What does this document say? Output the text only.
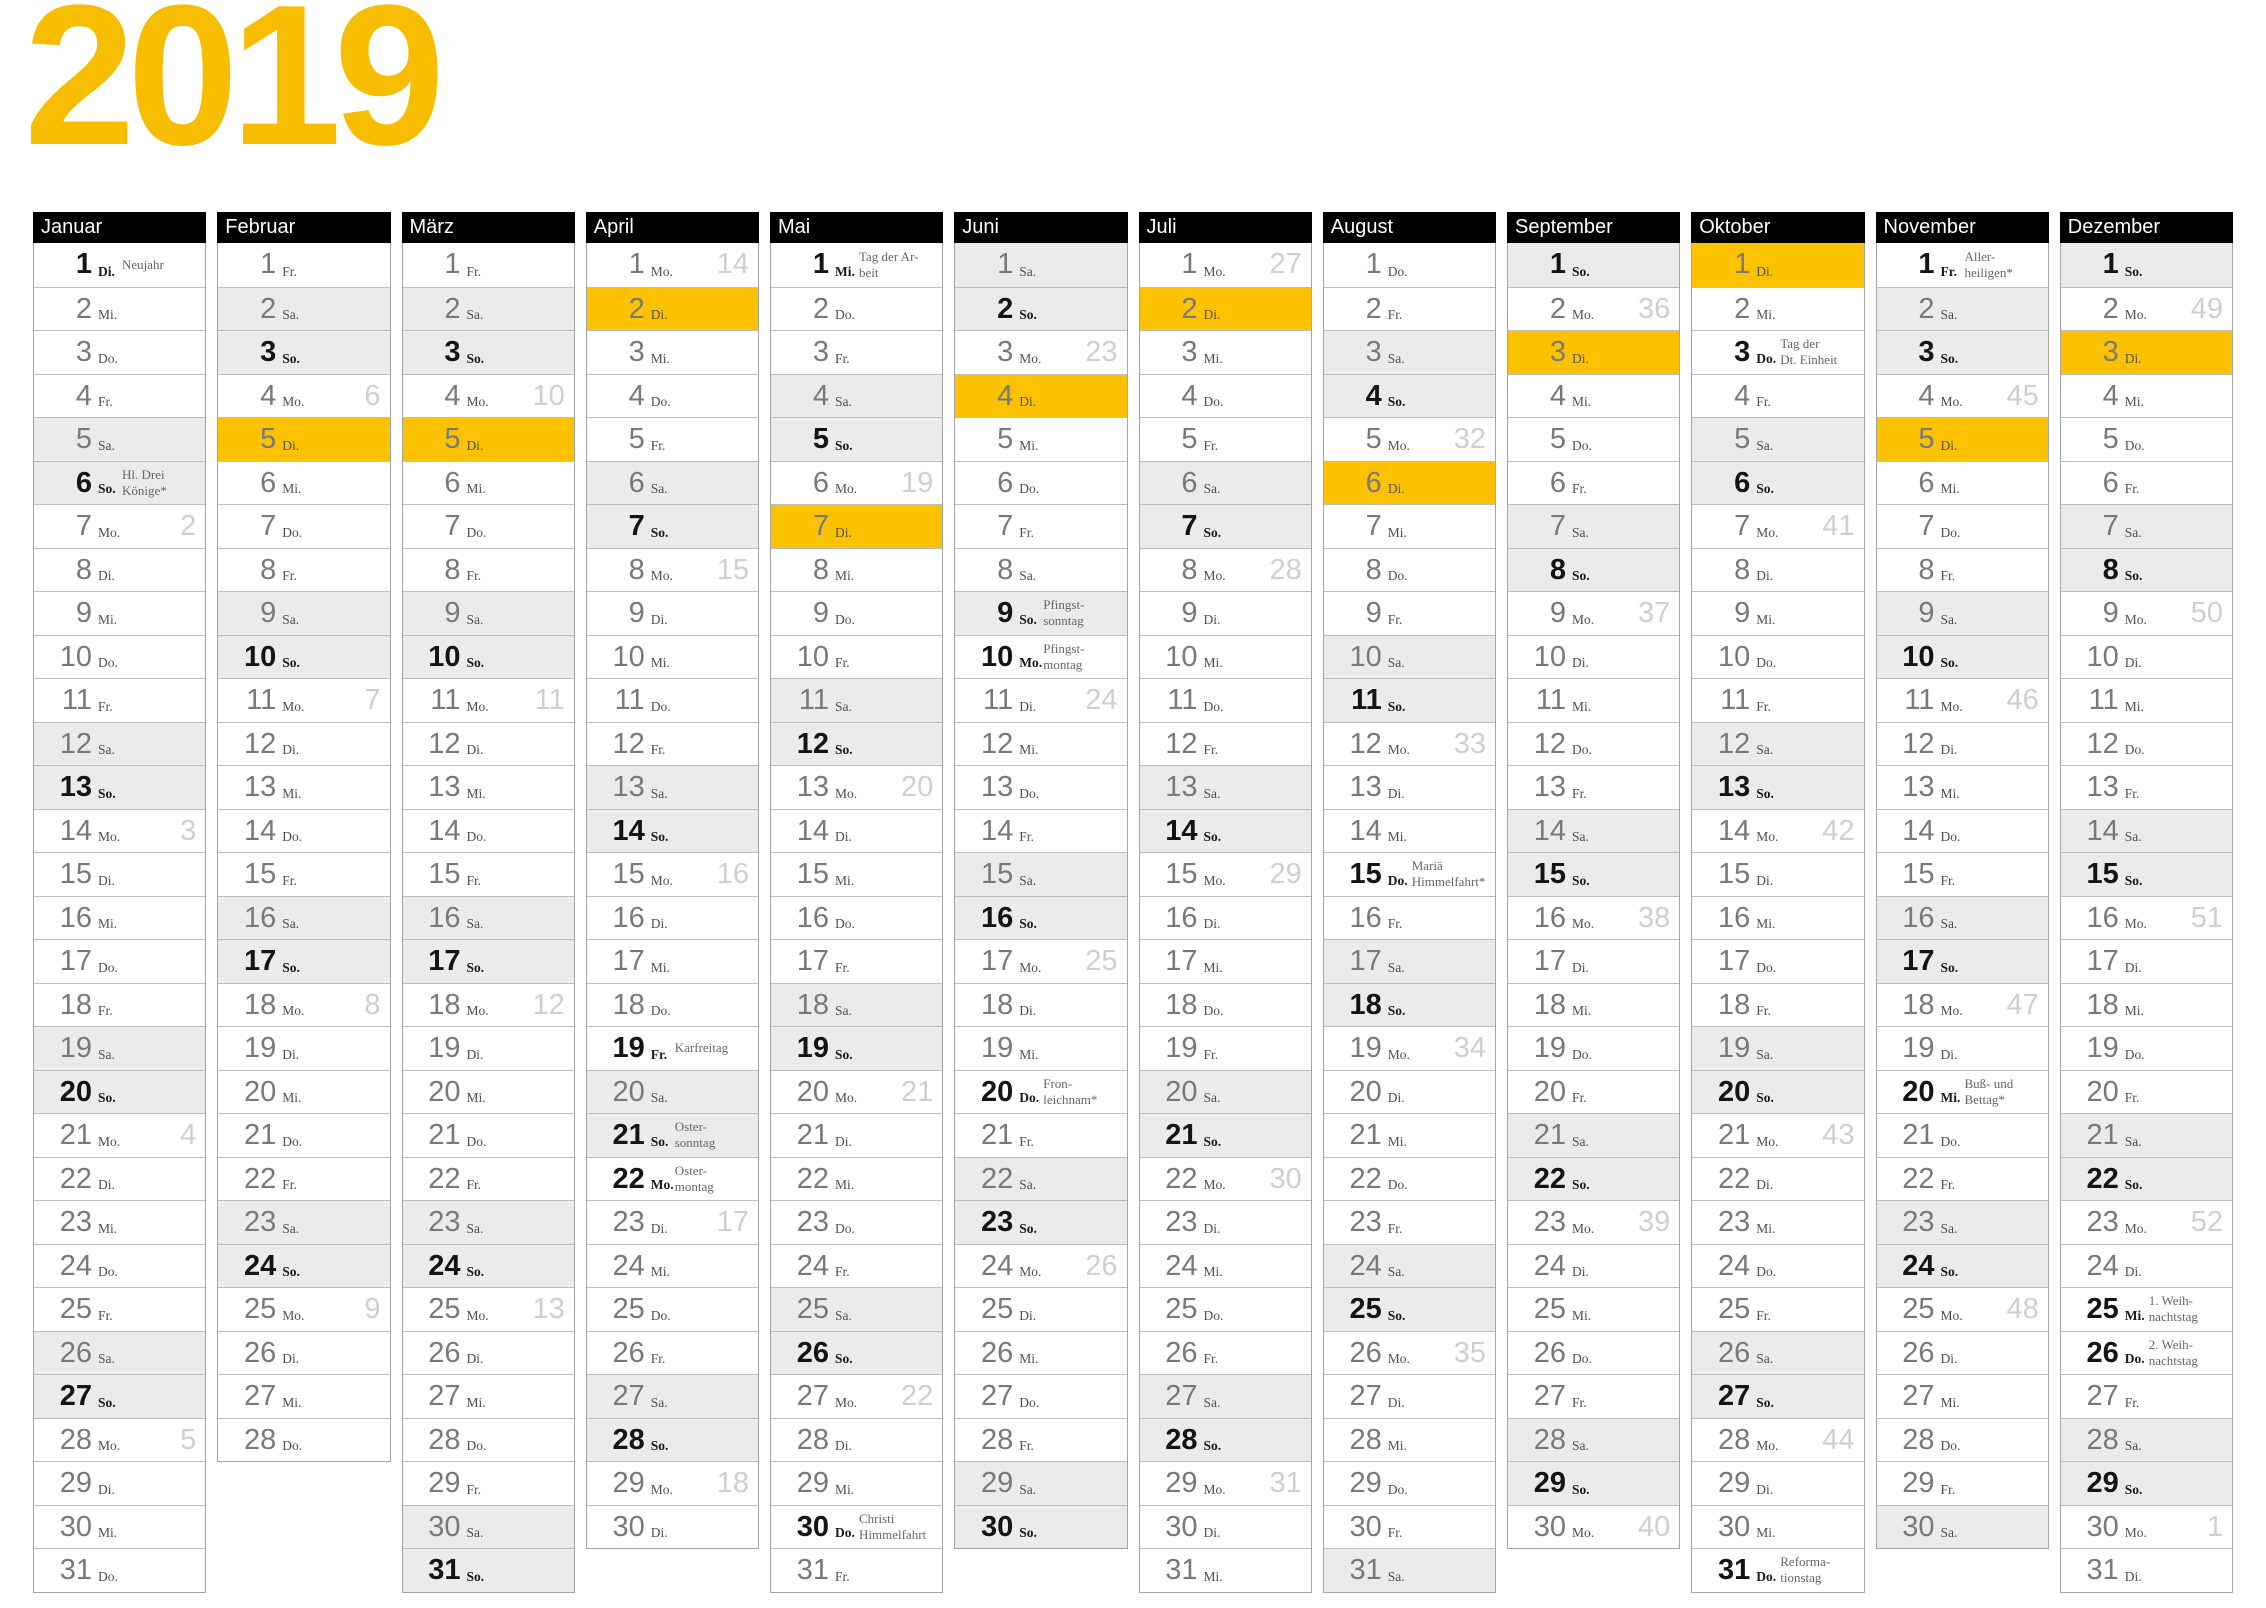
2019
Januar
1 Di. Neujahr
2 Mi.
3 Do.
4 Fr.
5 Sa.
6 So.
Hl. Drei
Könige*
7 Mo. 2
8 Di.
9 Mi.
10 Do.
11 Fr.
12 Sa.
13 So.
14 Mo. 3
15 Di.
16 Mi.
17 Do.
18 Fr.
19 Sa.
20 So.
21 Mo. 4
22 Di.
23 Mi.
24 Do.
25 Fr.
26 Sa.
27 So.
28 Mo. 5
29 Di.
30 Mi.
31 Do.
Februar
1 Fr.
2 Sa.
3 So.
4 Mo. 6
5 Di.
6 Mi.
7 Do.
8 Fr.
9 Sa.
10 So.
11 Mo. 7
12 Di.
13 Mi.
14 Do.
15 Fr.
16 Sa.
17 So.
18 Mo. 8
19 Di.
20 Mi.
21 Do.
22 Fr.
23 Sa.
24 So.
25 Mo. 9
26 Di.
27 Mi.
28 Do.
März
1 Fr.
2 Sa.
3 So.
4 Mo. 10
5 Di.
6 Mi.
7 Do.
8 Fr.
9 Sa.
10 So.
11 Mo. 11
12 Di.
13 Mi.
14 Do.
15 Fr.
16 Sa.
17 So.
18 Mo. 12
19 Di.
20 Mi.
21 Do.
22 Fr.
23 Sa.
24 So.
25 Mo. 13
26 Di.
27 Mi.
28 Do.
29 Fr.
30 Sa.
31 So.
April
1 Mo. 14
2 Di.
3 Mi.
4 Do.
5 Fr.
6 Sa.
7 So.
8 Mo. 15
9 Di.
10 Mi.
11 Do.
12 Fr.
13 Sa.
14 So.
15 Mo. 16
16 Di.
17 Mi.
18 Do.
19 Fr. Karfreitag
20 Sa.
21 So.
Oster-
sonntag
22 Mo.
Oster-
montag
23 Di. 17
24 Mi.
25 Do.
26 Fr.
27 Sa.
28 So.
29 Mo. 18
30 Di.
Mai
1 Mi.
Tag der Ar-
beit
2 Do.
3 Fr.
4 Sa.
5 So.
6 Mo. 19
7 Di.
8 Mi.
9 Do.
10 Fr.
11 Sa.
12 So.
13 Mo. 20
14 Di.
15 Mi.
16 Do.
17 Fr.
18 Sa.
19 So.
20 Mo. 21
21 Di.
22 Mi.
23 Do.
24 Fr.
25 Sa.
26 So.
27 Mo. 22
28 Di.
29 Mi.
30 Do.
Christi
Himmelfahrt
31 Fr.
Juni
1 Sa.
2 So.
3 Mo. 23
4 Di.
5 Mi.
6 Do.
7 Fr.
8 Sa.
9 So.
Pfingst-
sonntag
10 Mo.
Pfingst-
montag
11 Di. 24
12 Mi.
13 Do.
14 Fr.
15 Sa.
16 So.
17 Mo. 25
18 Di.
19 Mi.
20 Do.
Fron-
leichnam*
21 Fr.
22 Sa.
23 So.
24 Mo. 26
25 Di.
26 Mi.
27 Do.
28 Fr.
29 Sa.
30 So.
Juli
1 Mo. 27
2 Di.
3 Mi.
4 Do.
5 Fr.
6 Sa.
7 So.
8 Mo. 28
9 Di.
10 Mi.
11 Do.
12 Fr.
13 Sa.
14 So.
15 Mo. 29
16 Di.
17 Mi.
18 Do.
19 Fr.
20 Sa.
21 So.
22 Mo. 30
23 Di.
24 Mi.
25 Do.
26 Fr.
27 Sa.
28 So.
29 Mo. 31
30 Di.
31 Mi.
August
1 Do.
2 Fr.
3 Sa.
4 So.
5 Mo. 32
6 Di.
7 Mi.
8 Do.
9 Fr.
10 Sa.
11 So.
12 Mo. 33
13 Di.
14 Mi.
15 Do.
Mariä
Himmelfahrt*
16 Fr.
17 Sa.
18 So.
19 Mo. 34
20 Di.
21 Mi.
22 Do.
23 Fr.
24 Sa.
25 So.
26 Mo. 35
27 Di.
28 Mi.
29 Do.
30 Fr.
31 Sa.
September
1 So.
2 Mo. 36
3 Di.
4 Mi.
5 Do.
6 Fr.
7 Sa.
8 So.
9 Mo. 37
10 Di.
11 Mi.
12 Do.
13 Fr.
14 Sa.
15 So.
16 Mo. 38
17 Di.
18 Mi.
19 Do.
20 Fr.
21 Sa.
22 So.
23 Mo. 39
24 Di.
25 Mi.
26 Do.
27 Fr.
28 Sa.
29 So.
30 Mo. 40
Oktober
1 Di.
2 Mi.
3 Do.
Tag der
Dt. Einheit
4 Fr.
5 Sa.
6 So.
7 Mo. 41
8 Di.
9 Mi.
10 Do.
11 Fr.
12 Sa.
13 So.
14 Mo. 42
15 Di.
16 Mi.
17 Do.
18 Fr.
19 Sa.
20 So.
21 Mo. 43
22 Di.
23 Mi.
24 Do.
25 Fr.
26 Sa.
27 So.
28 Mo. 44
29 Di.
30 Mi.
31 Do.
Reforma-
tionstag
November
1 Fr.
Aller-
heiligen*
2 Sa.
3 So.
4 Mo. 45
5 Di.
6 Mi.
7 Do.
8 Fr.
9 Sa.
10 So.
11 Mo. 46
12 Di.
13 Mi.
14 Do.
15 Fr.
16 Sa.
17 So.
18 Mo. 47
19 Di.
20 Mi.
Buß- und
Bettag*
21 Do.
22 Fr.
23 Sa.
24 So.
25 Mo. 48
26 Di.
27 Mi.
28 Do.
29 Fr.
30 Sa.
Dezember
1 So.
2 Mo. 49
3 Di.
4 Mi.
5 Do.
6 Fr.
7 Sa.
8 So.
9 Mo. 50
10 Di.
11 Mi.
12 Do.
13 Fr.
14 Sa.
15 So.
16 Mo. 51
17 Di.
18 Mi.
19 Do.
20 Fr.
21 Sa.
22 So.
23 Mo. 52
24 Di.
25 Mi.
1. Weih-
nachtstag
26 Do.
2. Weih-
nachtstag
27 Fr.
28 Sa.
29 So.
30 Mo. 1
31 Di.
